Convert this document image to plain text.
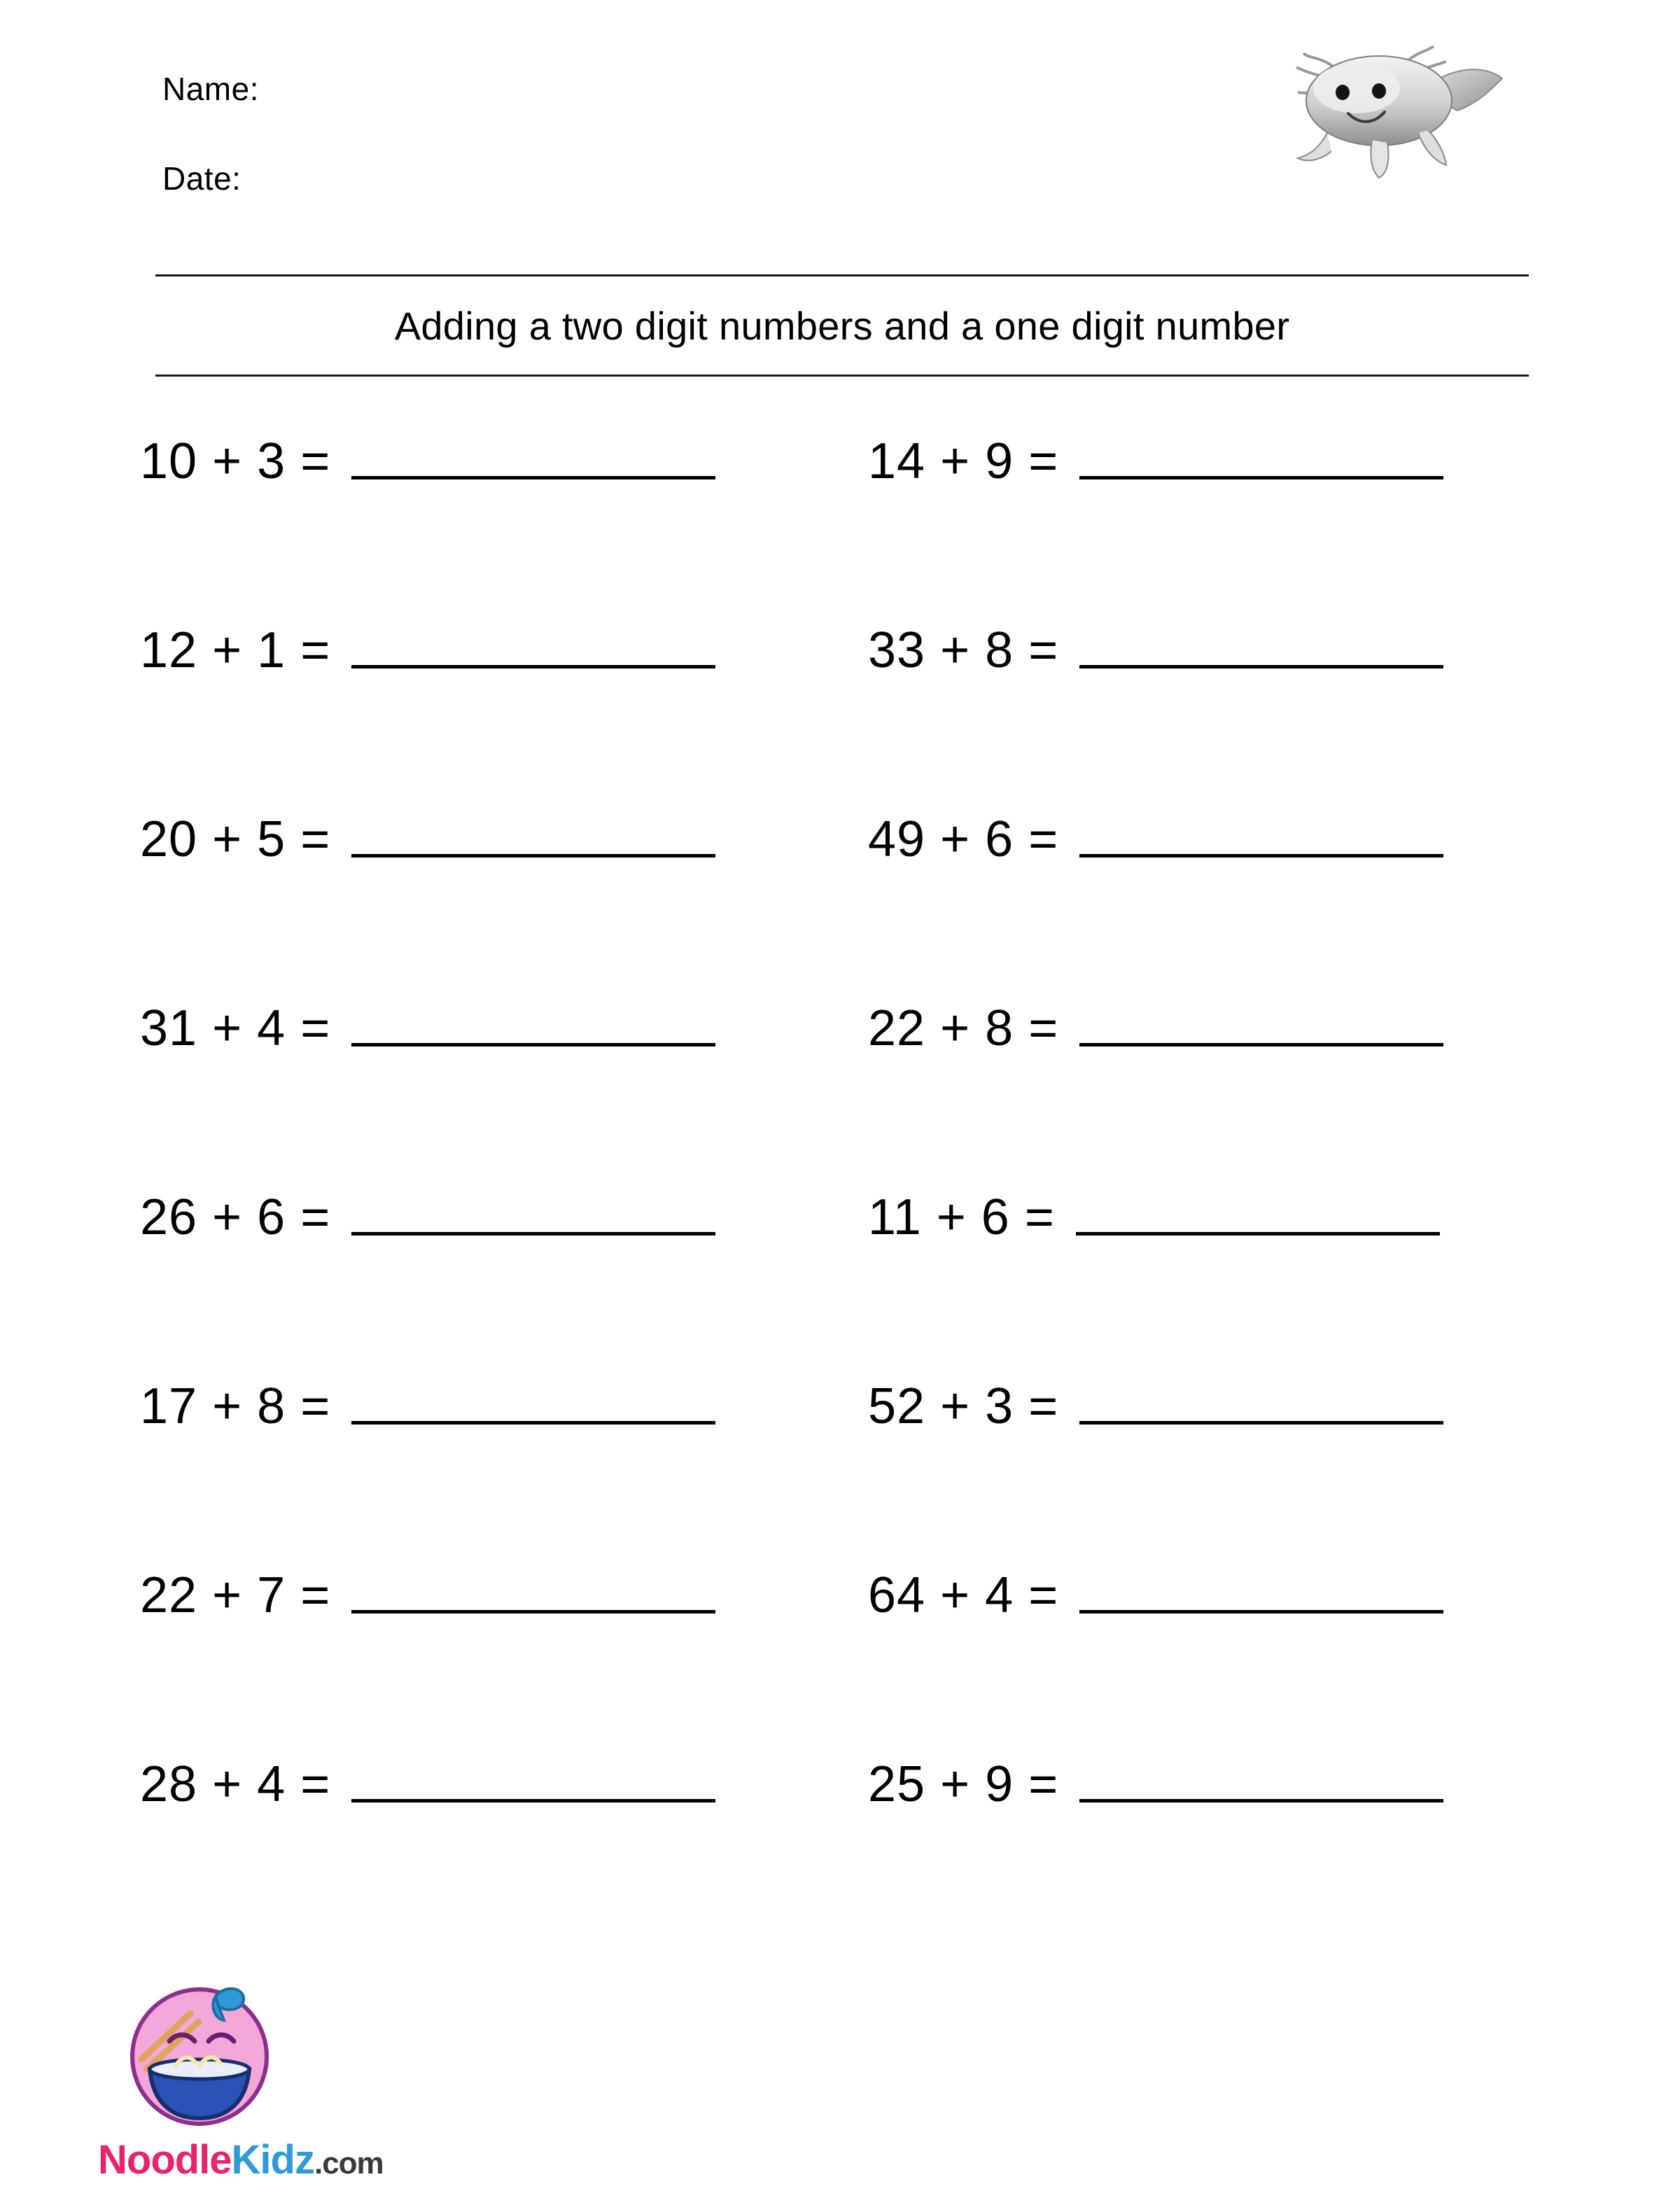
Name:
Date:
Adding a two digit numbers and a one digit number
10 + 3 =	14 + 9 =
12 + 1 =	33 + 8 =
20 + 5 =	49 + 6 =
31 + 4 =	22 + 8 =
26 + 6 =	11 + 6 =
17 + 8 =	52 + 3 =
22 + 7 =	64 + 4 =
28 + 4 =	25 + 9 =
NoodleKidz.com
